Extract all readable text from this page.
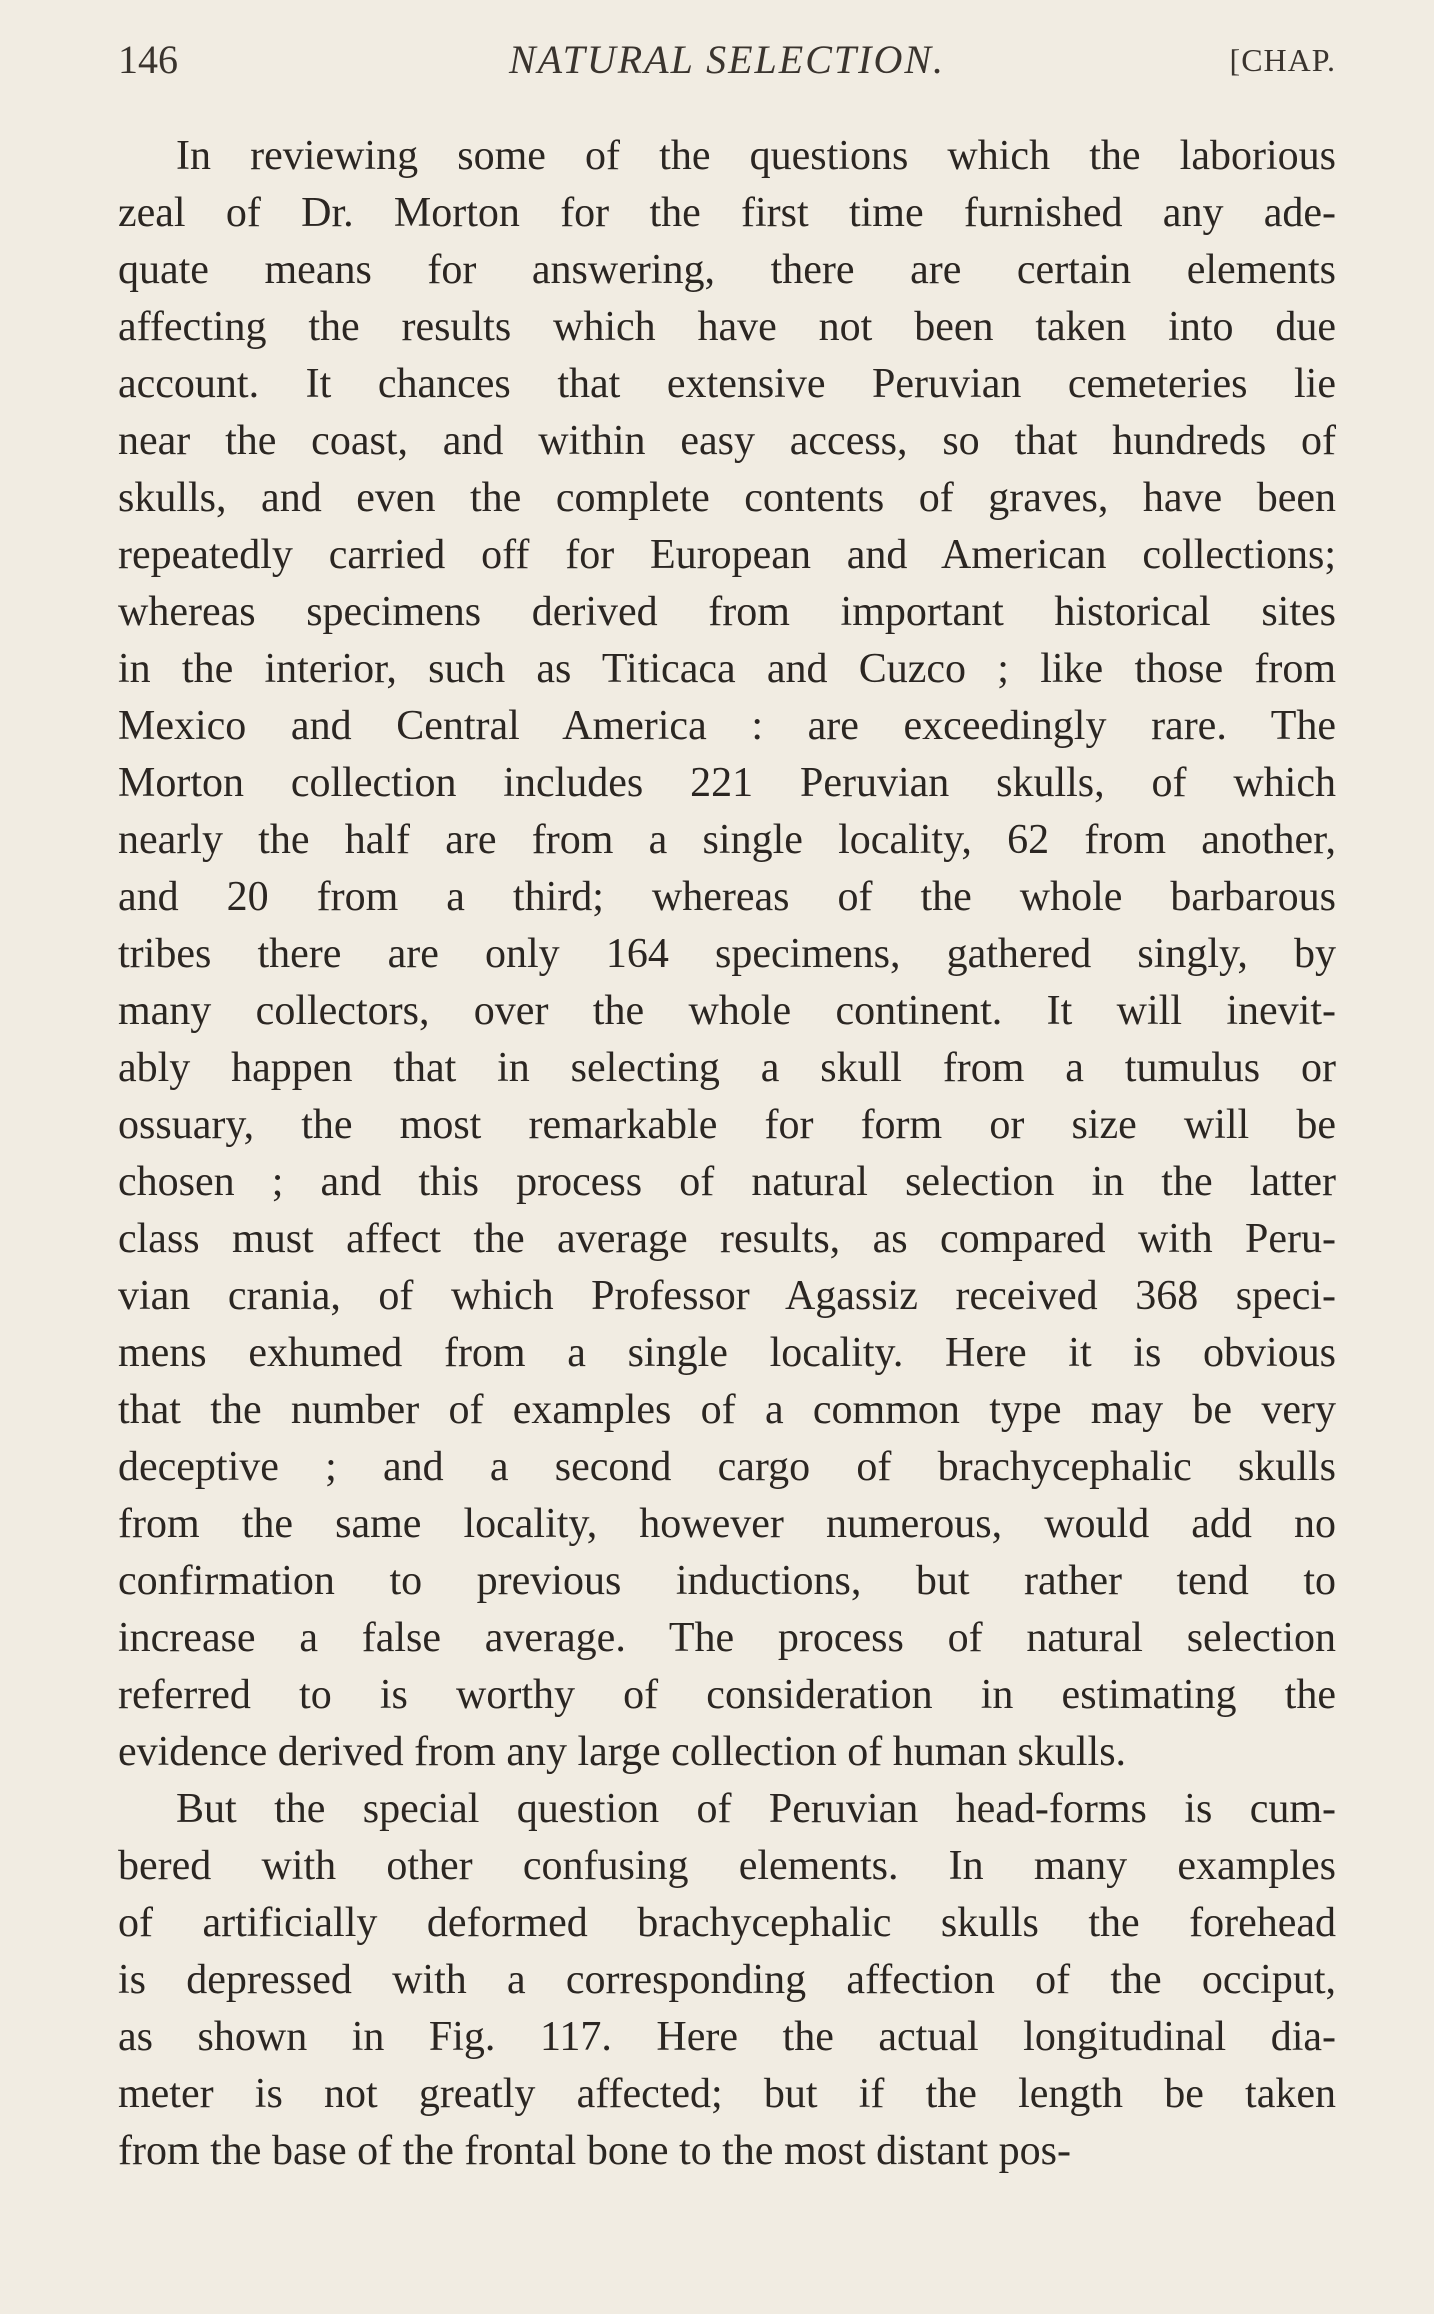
146	NATURAL SELECTION.	[CHAP.
In reviewing some of the questions which the laborious
zeal of Dr. Morton for the first time furnished any ade-
quate means for answering, there are certain elements
affecting the results which have not been taken into due
account. It chances that extensive Peruvian cemeteries lie
near the coast, and within easy access, so that hundreds of
skulls, and even the complete contents of graves, have been
repeatedly carried off for European and American collections;
whereas specimens derived from important historical sites
in the interior, such as Titicaca and Cuzco ; like those from
Mexico and Central America : are exceedingly rare. The
Morton collection includes 221 Peruvian skulls, of which
nearly the half are from a single locality, 62 from another,
and 20 from a third; whereas of the whole barbarous
tribes there are only 164 specimens, gathered singly, by
many collectors, over the whole continent. It will inevit-
ably happen that in selecting a skull from a tumulus or
ossuary, the most remarkable for form or size will be
chosen ; and this process of natural selection in the latter
class must affect the average results, as compared with Peru-
vian crania, of which Professor Agassiz received 368 speci-
mens exhumed from a single locality. Here it is obvious
that the number of examples of a common type may be very
deceptive ; and a second cargo of brachycephalic skulls
from the same locality, however numerous, would add no
confirmation to previous inductions, but rather tend to
increase a false average. The process of natural selection
referred to is worthy of consideration in estimating the
evidence derived from any large collection of human skulls.
But the special question of Peruvian head-forms is cum-
bered with other confusing elements. In many examples
of artificially deformed brachycephalic skulls the forehead
is depressed with a corresponding affection of the occiput,
as shown in Fig. 117. Here the actual longitudinal dia-
meter is not greatly affected; but if the length be taken
from the base of the frontal bone to the most distant pos-
